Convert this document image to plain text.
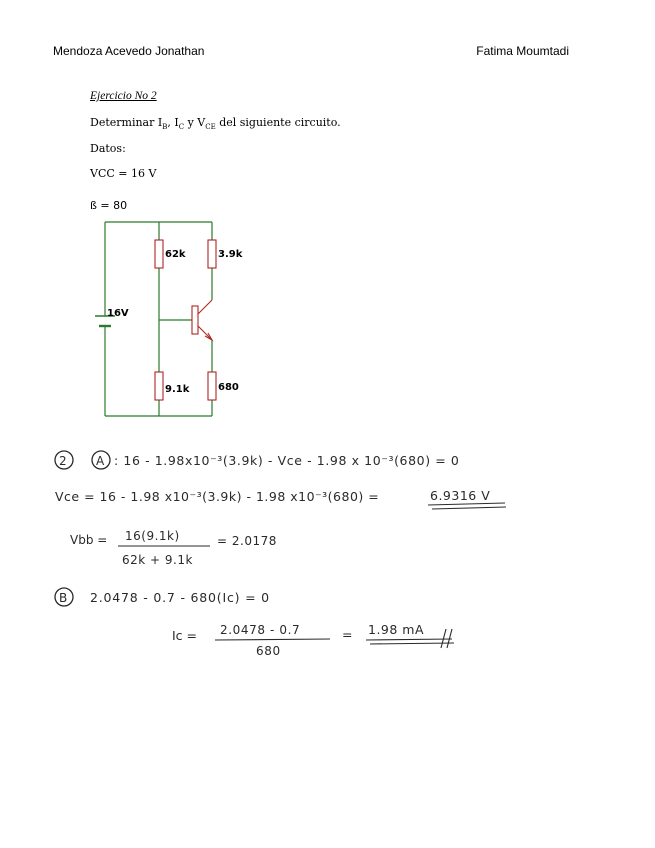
Mendoza Acevedo Jonathan	Fatima Moumtadi
Ejercicio No 2
Determinar $I_B$, $I_C$ y $V_{CE}$ del siguiente circuito.
Datos:
VCC = 16 V
ß = 80
62k	3.9k
9.1k	680
16V
2 A : 16 - 1.98x10⁻³(3.9k) - Vce - 1.98 x 10⁻³(680) = 0
Vce = 16 - 1.98 x10⁻³(3.9k) - 1.98 x10⁻³(680) =	6.9316 V
Vbb = 16(9.1k)
62k + 9.1k
= 2.0178
B 2.0478 - 0.7 - 680(Ic) = 0
Ic = 2.0478 - 0.7
680
= 1.98 mA
